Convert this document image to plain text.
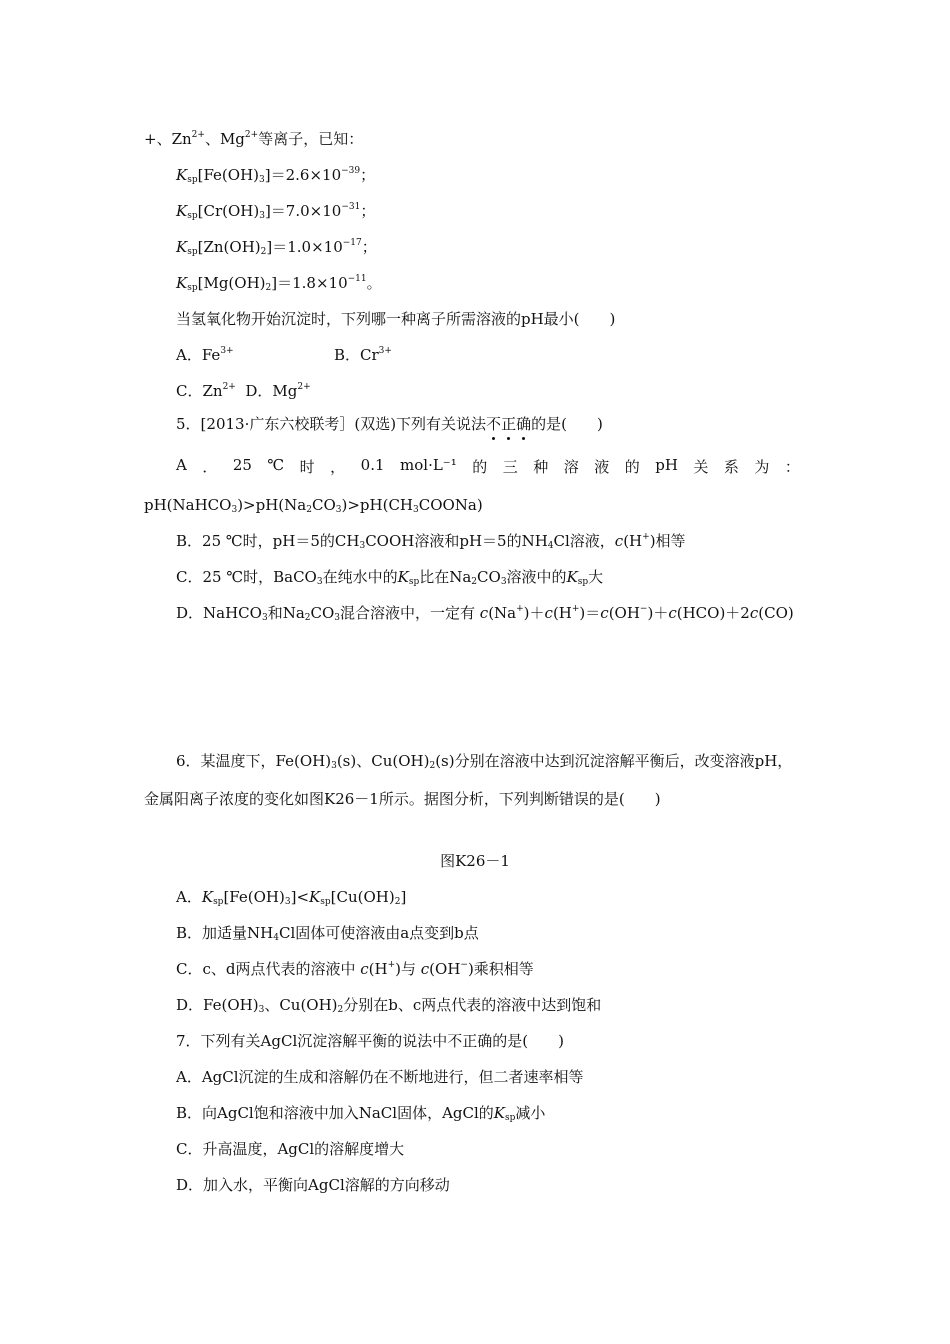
+、$Zn^{2+}$、$Mg^{2+}$等离子，已知：
$K_{sp}[Fe(OH)_3]=2.6\times 10^{-39}$；
$K_{sp}[Cr(OH)_3]=7.0\times 10^{-31}$；
$K_{sp}[Zn(OH)_2]=1.0\times 10^{-17}$；
$K_{sp}[Mg(OH)_2]=1.8\times 10^{-11}$。
当氢氧化物开始沉淀时，下列哪一种离子所需溶液的pH最小(　　)
A．$Fe^{3+}$	B．$Cr^{3+}$
C．$Zn^{2+}$ D．$Mg^{2+}$
5．[2013·广东六校联考］(双选)下列有关说法不正确的是(　　)
A ． 25 ℃ 时 ， 0.1 mol·L⁻¹ 的 三 种 溶 液 的 pH 关 系 为 ：
$pH(NaHCO_3)>pH(Na_2CO_3)>pH(CH_3COONa)$
B．25 ℃时，pH＝5的$CH_3COOH$溶液和pH＝5的$NH_4Cl$溶液，c(H+)相等
C．25 ℃时，BaCO$_3$在纯水中的$K_{sp}$比在$Na_2CO_3$溶液中的$K_{sp}$大
D．NaHCO$_3$和$Na_2CO_3$混合溶液中，一定有 c(Na+)＋c(H+)＝c(OH−)＋c(HCO)＋2c(CO)
6．某温度下，$Fe(OH)_3(s)$、$Cu(OH)_2(s)$分别在溶液中达到沉淀溶解平衡后，改变溶液pH，
金属阳离子浓度的变化如图K26－1所示。据图分析，下列判断错误的是(　　)
图K26－1
A．$K_{sp}[Fe(OH)_3]<K_{sp}[Cu(OH)_2]$
B．加适量$NH_4Cl$固体可使溶液由a点变到b点
C．c、d两点代表的溶液中 c(H+)与 c(OH−)乘积相等
D．$Fe(OH)_3$、$Cu(OH)_2$分别在b、c两点代表的溶液中达到饱和
7．下列有关AgCl沉淀溶解平衡的说法中不正确的是(　　)
A．AgCl沉淀的生成和溶解仍在不断地进行，但二者速率相等
B．向AgCl饱和溶液中加入NaCl固体，AgCl的$K_{sp}$减小
C．升高温度，AgCl的溶解度增大
D．加入水，平衡向AgCl溶解的方向移动
